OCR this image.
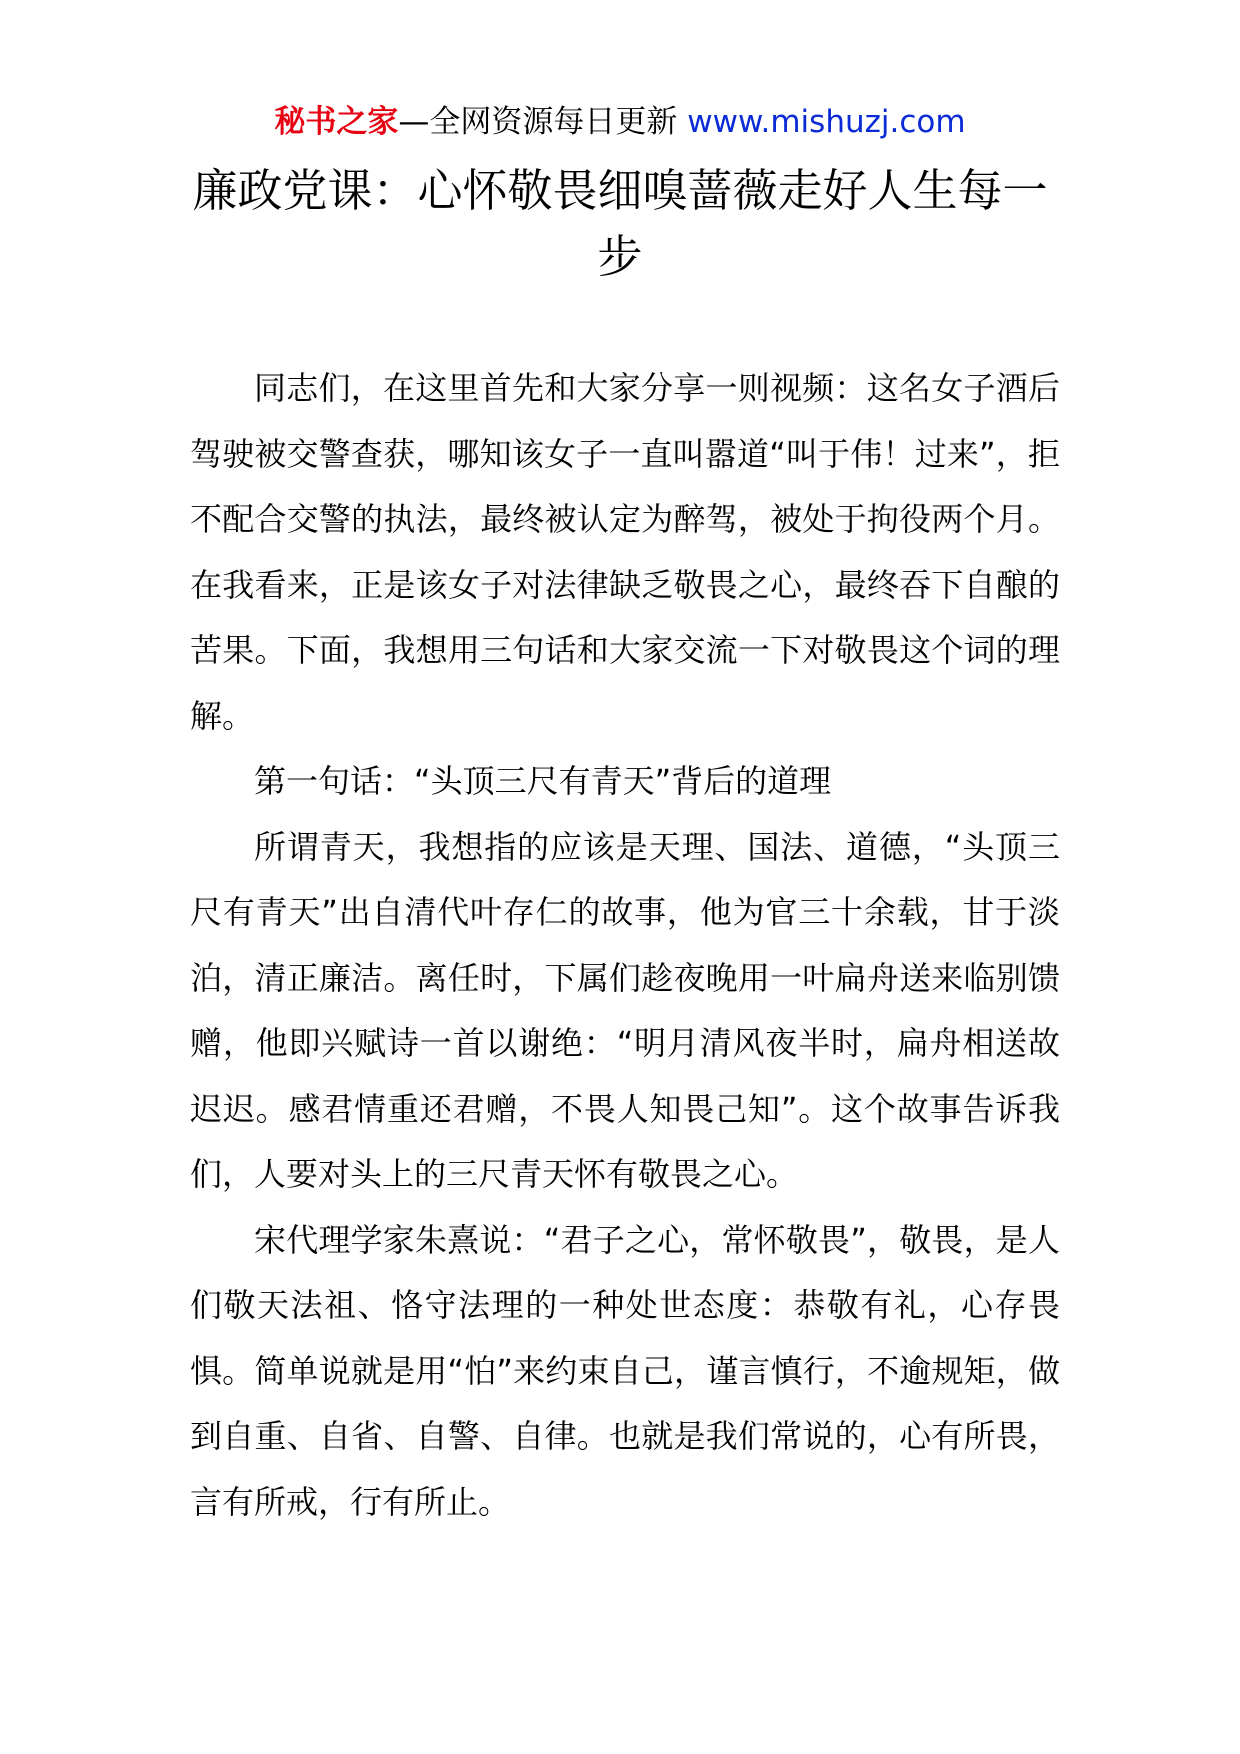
秘书之家—全网资源每日更新 www.mishuzj.com
廉政党课：心怀敬畏细嗅蔷薇走好人生每一步

同志们，在这里首先和大家分享一则视频：这名女子酒后驾驶被交警查获，哪知该女子一直叫嚣道“叫于伟！过来”，拒不配合交警的执法，最终被认定为醉驾，被处于拘役两个月。在我看来，正是该女子对法律缺乏敬畏之心，最终吞下自酿的苦果。下面，我想用三句话和大家交流一下对敬畏这个词的理解。

第一句话：“头顶三尺有青天”背后的道理

所谓青天，我想指的应该是天理、国法、道德，“头顶三尺有青天”出自清代叶存仁的故事，他为官三十余载，甘于淡泊，清正廉洁。离任时，下属们趁夜晚用一叶扁舟送来临别馈赠，他即兴赋诗一首以谢绝：“明月清风夜半时，扁舟相送故迟迟。感君情重还君赠，不畏人知畏己知”。这个故事告诉我们，人要对头上的三尺青天怀有敬畏之心。

宋代理学家朱熹说：“君子之心，常怀敬畏”，敬畏，是人们敬天法祖、恪守法理的一种处世态度：恭敬有礼，心存畏惧。简单说就是用“怕”来约束自己，谨言慎行，不逾规矩，做到自重、自省、自警、自律。也就是我们常说的，心有所畏，言有所戒，行有所止。
